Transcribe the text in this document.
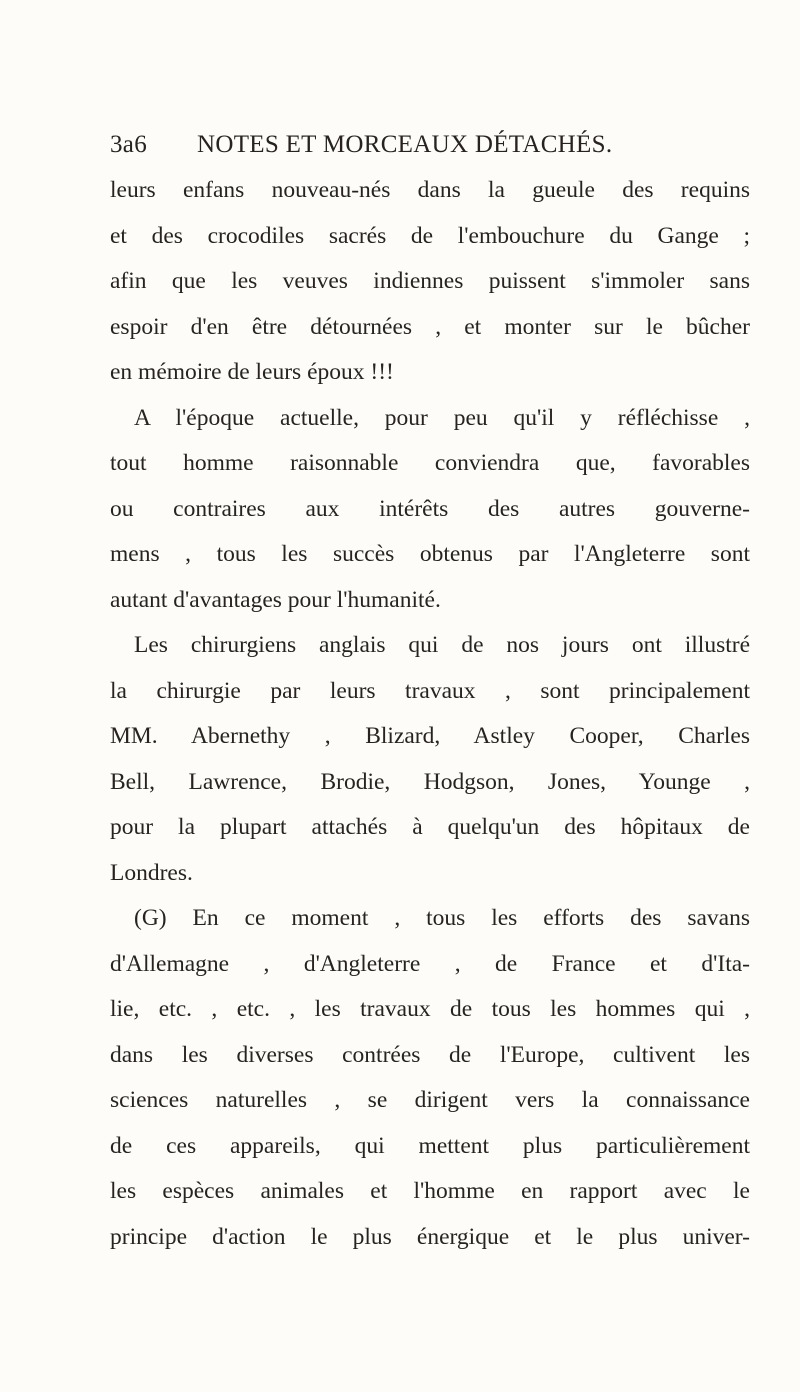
3a6 NOTES ET MORCEAUX DÉTACHÉS.
leurs enfans nouveau-nés dans la gueule des requins
et des crocodiles sacrés de l'embouchure du Gange ;
afin que les veuves indiennes puissent s'immoler sans
espoir d'en être détournées , et monter sur le bûcher
en mémoire de leurs époux !!!
A l'époque actuelle, pour peu qu'il y réfléchisse ,
tout homme raisonnable conviendra que, favorables
ou contraires aux intérêts des autres gouverne-
mens , tous les succès obtenus par l'Angleterre sont
autant d'avantages pour l'humanité.
Les chirurgiens anglais qui de nos jours ont illustré
la chirurgie par leurs travaux , sont principalement
MM. Abernethy , Blizard, Astley Cooper, Charles
Bell, Lawrence, Brodie, Hodgson, Jones, Younge ,
pour la plupart attachés à quelqu'un des hôpitaux de
Londres.
(G) En ce moment , tous les efforts des savans
d'Allemagne , d'Angleterre , de France et d'Ita-
lie, etc. , etc. , les travaux de tous les hommes qui ,
dans les diverses contrées de l'Europe, cultivent les
sciences naturelles , se dirigent vers la connaissance
de ces appareils, qui mettent plus particulièrement
les espèces animales et l'homme en rapport avec le
principe d'action le plus énergique et le plus univer-
